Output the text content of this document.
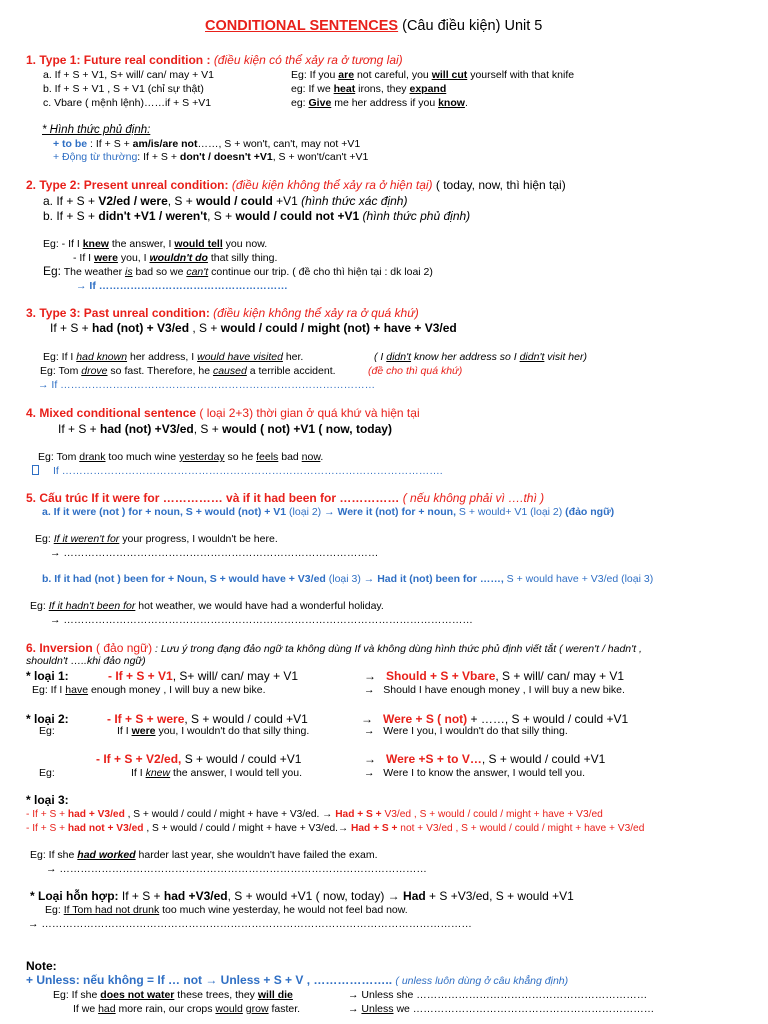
CONDITIONAL SENTENCES (Câu điều kiện) Unit 5
1. Type 1: Future real condition : (điều kiện có thể xảy ra ở tương lai)
a. If + S + V1, S+ will/ can/ may + V1	Eg: If you are not careful, you will cut yourself with that knife
b. If + S + V1 , S + V1 (chỉ sự thật)	eg: If we heat irons, they expand
c. Vbare ( mệnh lệnh)……if + S +V1	eg: Give me her address if you know.
* Hình thức phủ định:
+ to be : If + S + am/is/are not……, S + won't, can't, may not +V1
+ Động từ thường: If + S + don't / doesn't +V1, S + won't/can't +V1
2. Type 2: Present unreal condition: (điều kiện không thể xảy ra ở hiện tại) ( today, now, thì hiện tại)
a. If + S + V2/ed / were, S + would / could +V1 (hình thức xác định)
b. If + S + didn't +V1 / weren't, S + would / could not +V1 (hình thức phủ định)
Eg: - If I knew the answer, I would tell you now.
- If I were you, I wouldn't do that silly thing.
Eg: The weather is bad so we can't continue our trip. ( đề cho thì hiện tại : dk loai 2)
→ If ………………………………………………
3. Type 3: Past unreal condition: (điều kiện không thể xảy ra ở quá khứ)
If + S + had (not) + V3/ed , S + would / could / might (not) + have + V3/ed
Eg: If I had known her address, I would have visited her.	( I didn't know her address so I didn't visit her)
Eg: Tom drove so fast. Therefore, he caused a terrible accident.	(đề cho thì quá khứ)
→ If ………………………………………………………………………………
4. Mixed conditional sentence ( loại 2+3) thời gian ở quá khứ và hiện tại
If + S + had (not) +V3/ed, S + would ( not) +V1 ( now, today)
Eg: Tom drank too much wine yesterday so he feels bad now.
If ……………………………………………………………………………………………….
5. Cấu trúc If it were for …………… và if it had been for …………… ( nếu không phải vì ….thì )
a. If it were (not ) for + noun, S + would (not) + V1 (loại 2) → Were it (not) for + noun, S + would+ V1 (loại 2) (đảo ngữ)
Eg: If it weren't for your progress, I wouldn't be here.
→ ………………………………………………………………………………
b. If it had (not ) been for + Noun, S + would have + V3/ed (loại 3) → Had it (not) been for ……, S + would have + V3/ed (loại 3)
Eg: If it hadn't been for hot weather, we would have had a wonderful holiday.
→ ………………………………………………………………………………………………………
6. Inversion ( đảo ngữ) : Lưu ý trong đạng đảo ngữ ta không dùng If và không dùng hình thức phủ định viết tắt ( weren't / hadn't ,
shouldn't …..khi đảo ngữ)
* loại 1:	- If + S + V1, S+ will/ can/ may + V1	→ Should + S + Vbare, S + will/ can/ may + V1
Eg: If I have enough money , I will buy a new bike.	→ Should I have enough money , I will buy a new bike.
* loại 2:	- If + S + were, S + would / could +V1	→ Were + S ( not) + ……, S + would / could +V1
Eg:	If I were you, I wouldn't do that silly thing.	→ Were I you, I wouldn't do that silly thing.
- If + S + V2/ed, S + would / could +V1	→ Were +S + to V…, S + would / could +V1
Eg:	If I knew the answer, I would tell you.	→ Were I to know the answer, I would tell you.
* loại 3:
- If + S + had + V3/ed , S + would / could / might + have + V3/ed. → Had + S + V3/ed , S + would / could / might + have + V3/ed
- If + S + had not + V3/ed , S + would / could / might + have + V3/ed.→ Had + S + not + V3/ed , S + would / could / might + have + V3/ed
Eg: If she had worked harder last year, she wouldn't have failed the exam.
→ ……………………………………………………………………………………………
* Loại hỗn hợp: If + S + had +V3/ed, S + would +V1 ( now, today) → Had + S +V3/ed, S + would +V1
Eg: If Tom had not drunk too much wine yesterday, he would not feel bad now.
→ ……………………………………………………………………………………………………………
Note:
+ Unless: nếu không = If … not → Unless + S + V , ……………….. ( unless luôn dùng ở câu khẳng định)
Eg: If she does not water these trees, they will die	→ Unless she …………………………………………………………
If we had more rain, our crops would grow faster.	→ Unless we ……………………………………………………………
